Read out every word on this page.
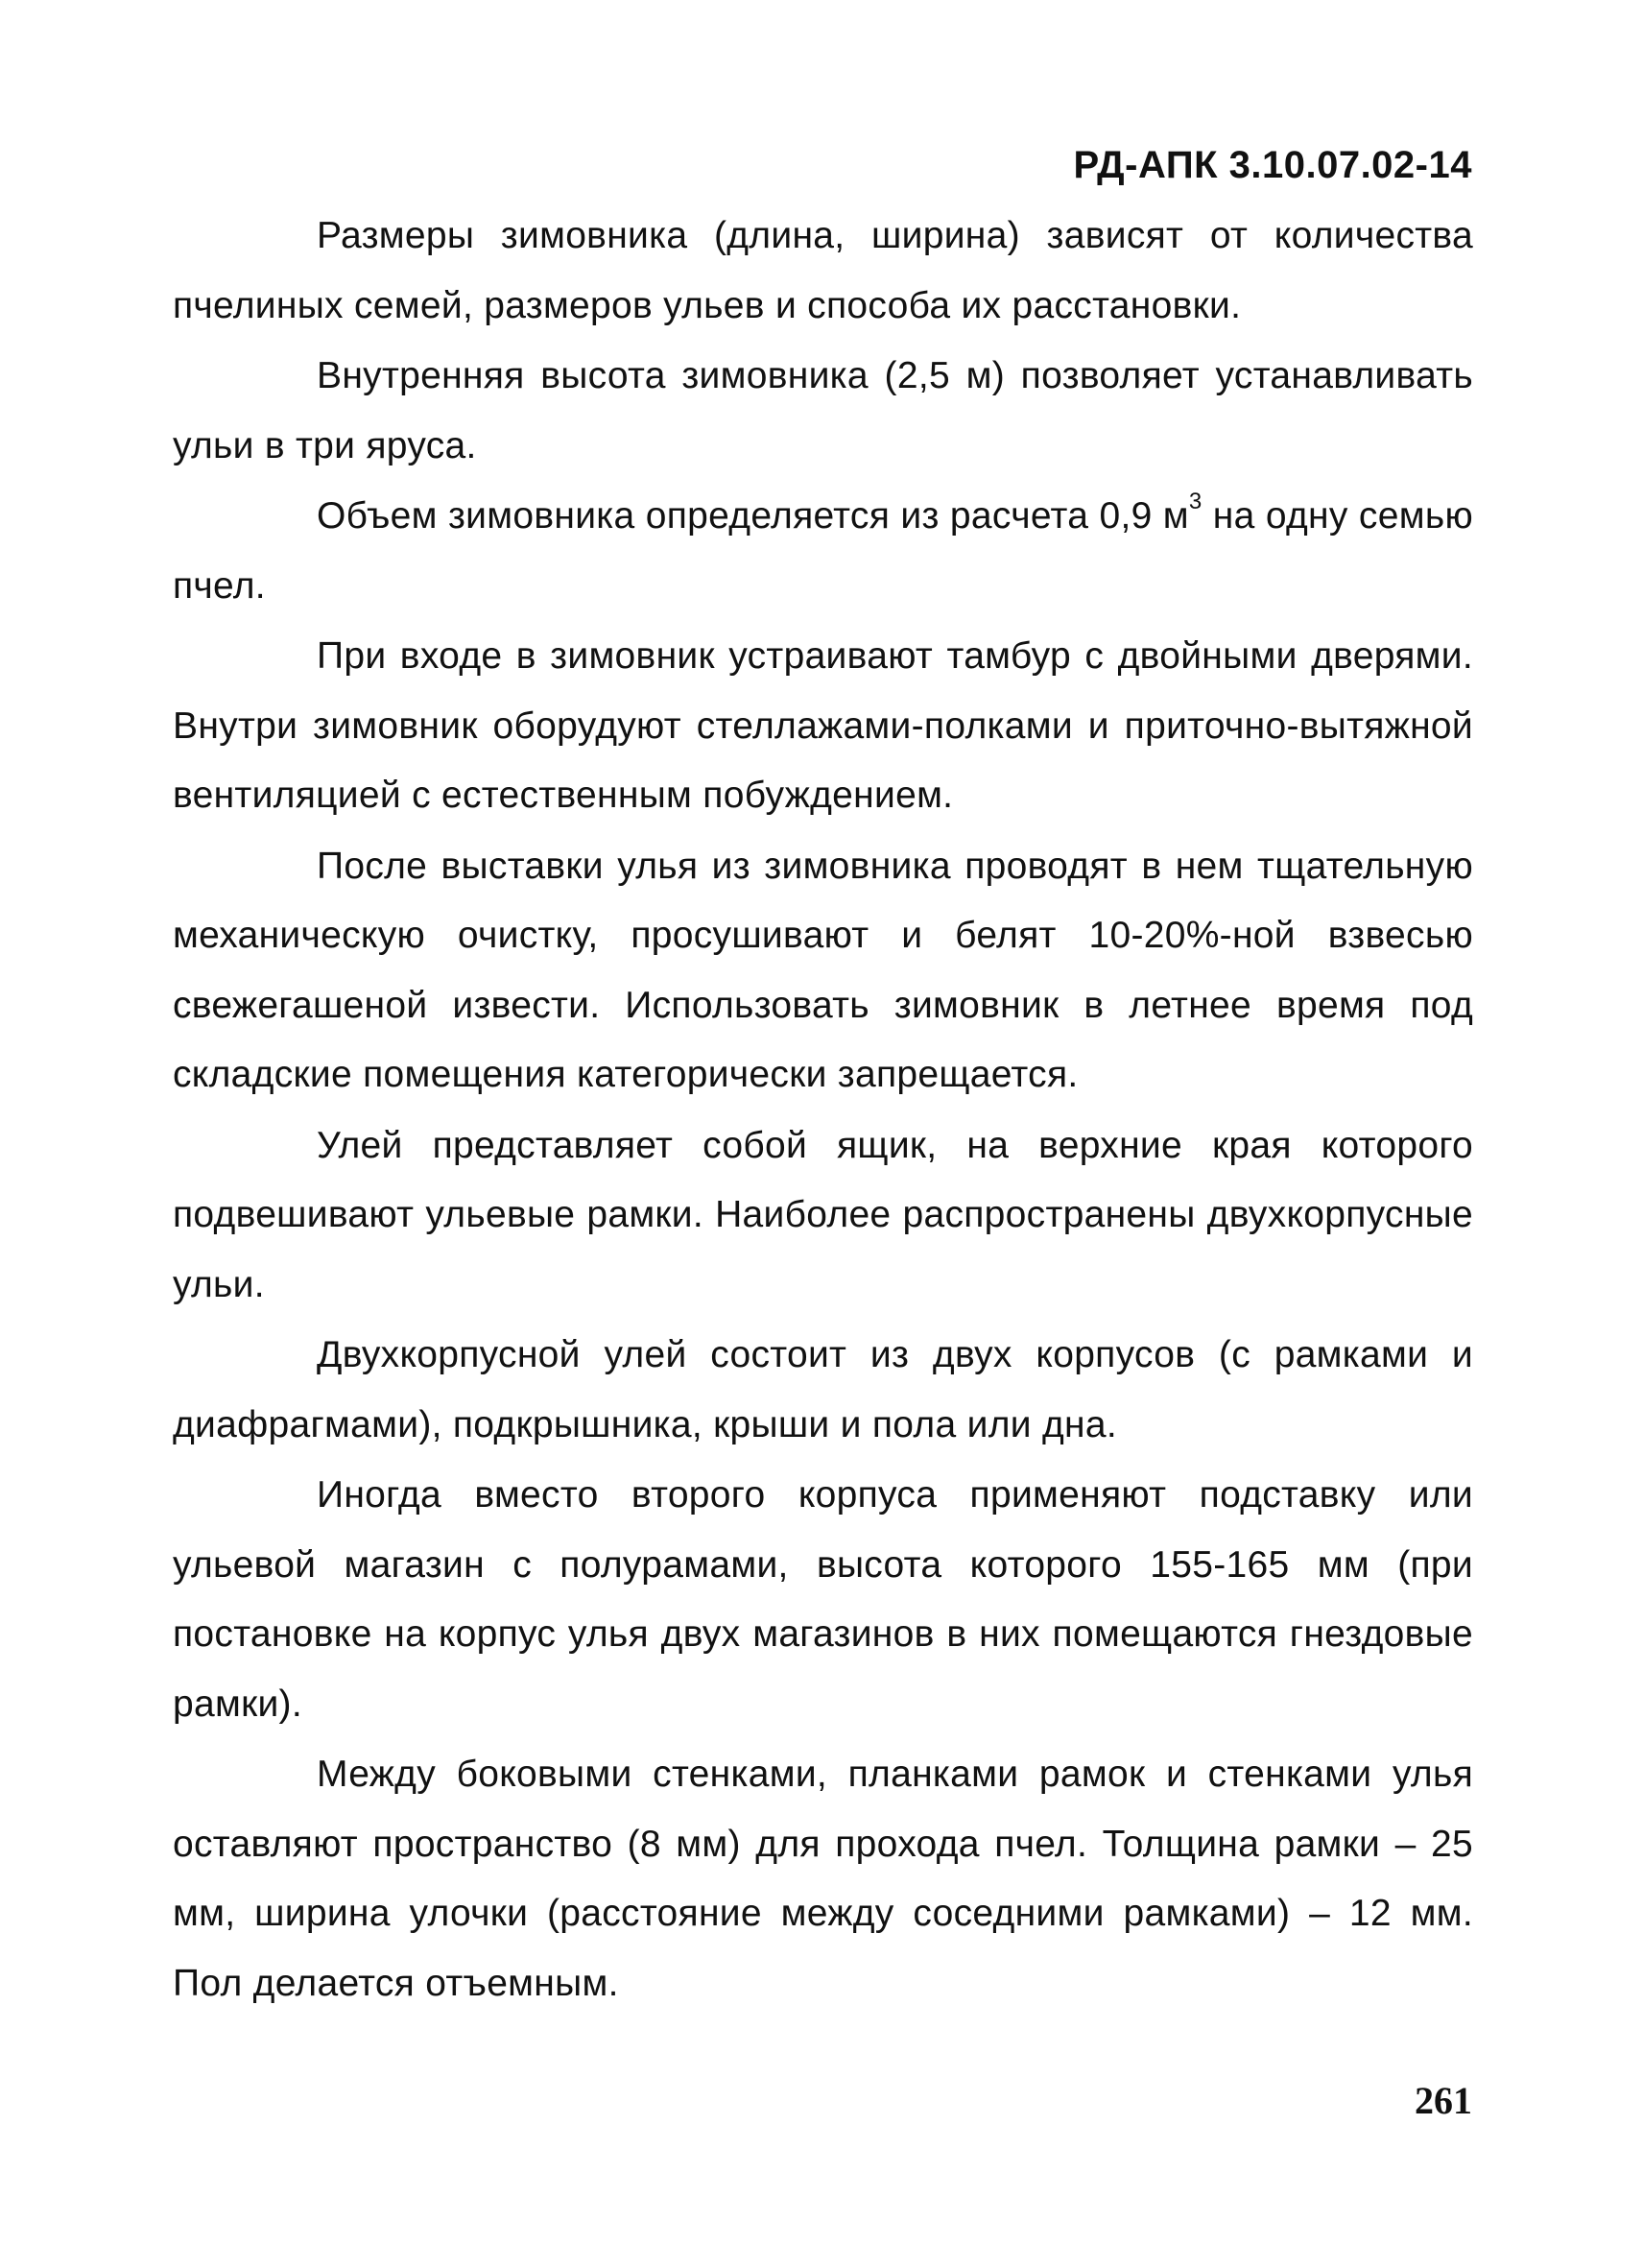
РД-АПК 3.10.07.02-14

Размеры зимовника (длина, ширина) зависят от количества пчелиных семей, размеров ульев и способа их расстановки.

Внутренняя высота зимовника (2,5 м) позволяет устанавливать ульи в три яруса.

Объем зимовника определяется из расчета 0,9 $м^3$ на одну семью пчел.

При входе в зимовник устраивают тамбур с двойными дверями. Внутри зимовник оборудуют стеллажами-полками и приточно-вытяжной вентиляцией с естественным побуждением.

После выставки улья из зимовника проводят в нем тщательную механическую очистку, просушивают и белят 10-20%-ной взвесью свежегашеной извести. Использовать зимовник в летнее время под складские помещения категорически запрещается.

Улей представляет собой ящик, на верхние края которого подвешивают ульевые рамки. Наиболее распространены двухкорпусные ульи.

Двухкорпусной улей состоит из двух корпусов (с рамками и диафрагмами), подкрышника, крыши и пола или дна.

Иногда вместо второго корпуса применяют подставку или ульевой магазин с полурамами, высота которого 155-165 мм (при постановке на корпус улья двух магазинов в них помещаются гнездовые рамки).

Между боковыми стенками, планками рамок и стенками улья оставляют пространство (8 мм) для прохода пчел. Толщина рамки – 25 мм, ширина улочки (расстояние между соседними рамками) – 12 мм. Пол делается отъемным.

261
